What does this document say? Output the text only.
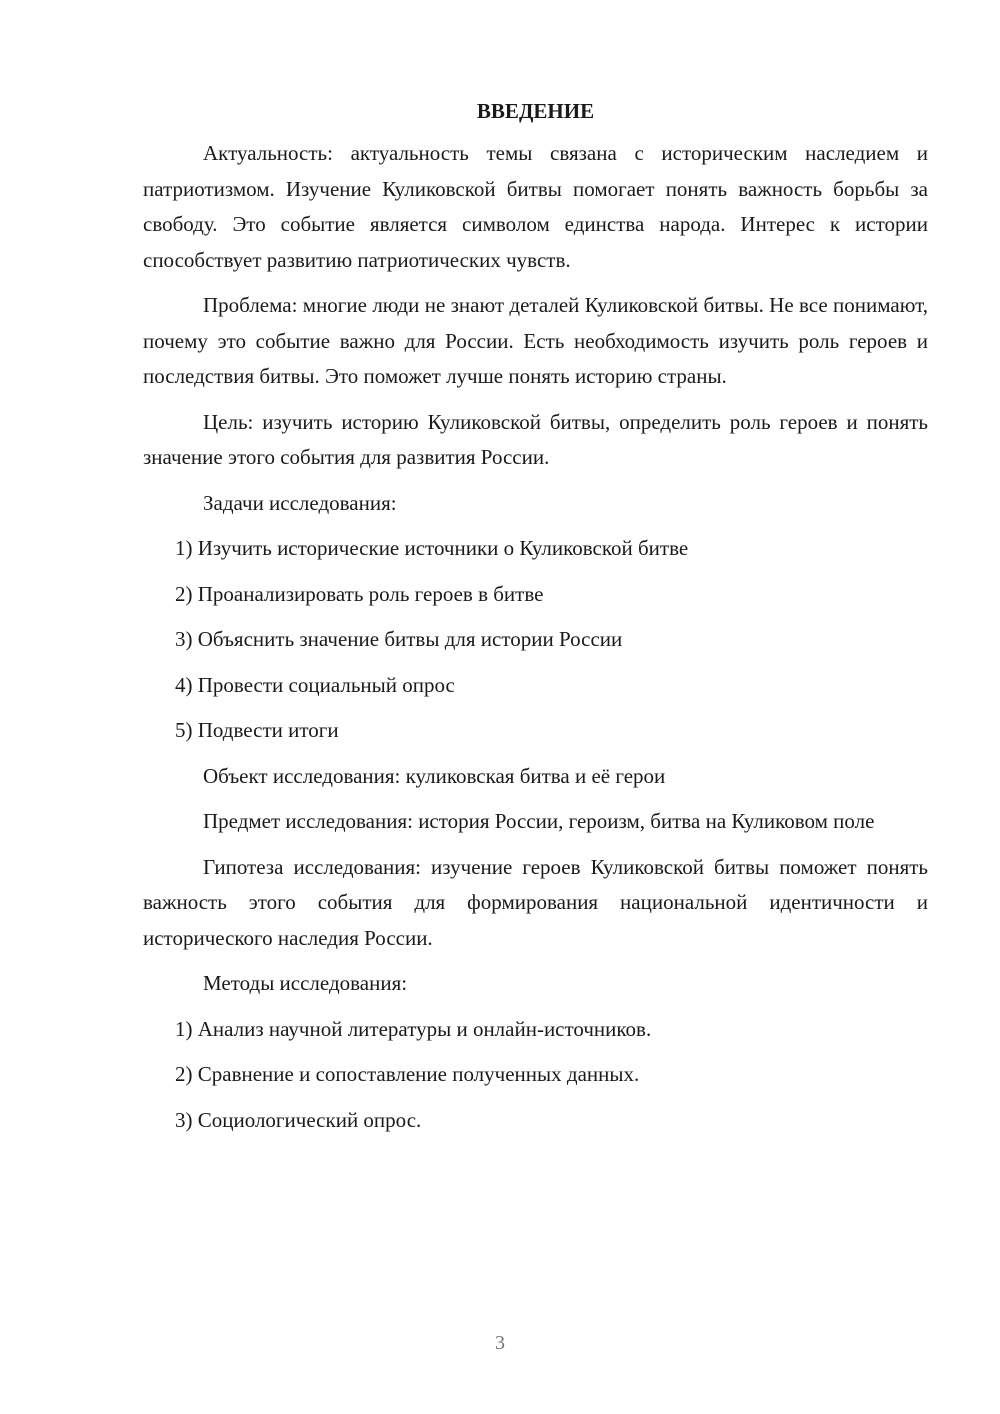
ВВЕДЕНИЕ
Актуальность: актуальность темы связана с историческим наследием и патриотизмом. Изучение Куликовской битвы помогает понять важность борьбы за свободу. Это событие является символом единства народа. Интерес к истории способствует развитию патриотических чувств.
Проблема: многие люди не знают деталей Куликовской битвы. Не все понимают, почему это событие важно для России. Есть необходимость изучить роль героев и последствия битвы. Это поможет лучше понять историю страны.
Цель: изучить историю Куликовской битвы, определить роль героев и понять значение этого события для развития России.
Задачи исследования:
1) Изучить исторические источники о Куликовской битве
2) Проанализировать роль героев в битве
3) Объяснить значение битвы для истории России
4) Провести социальный опрос
5) Подвести итоги
Объект исследования: куликовская битва и её герои
Предмет исследования: история России, героизм, битва на Куликовом поле
Гипотеза исследования: изучение героев Куликовской битвы поможет понять важность этого события для формирования национальной идентичности и исторического наследия России.
Методы исследования:
1) Анализ научной литературы и онлайн-источников.
2) Сравнение и сопоставление полученных данных.
3) Социологический опрос.
3
